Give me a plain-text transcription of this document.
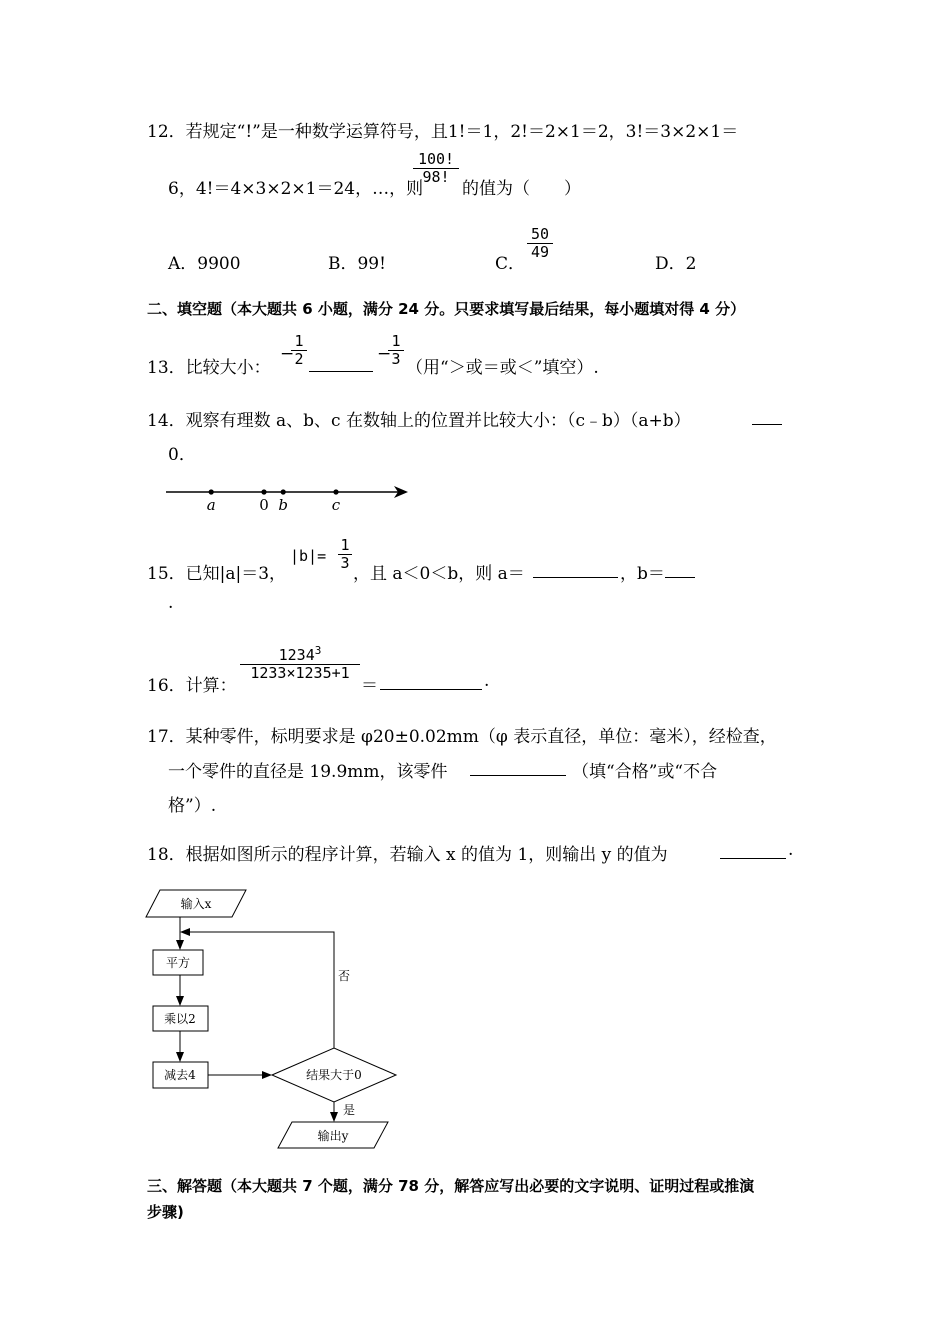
12．若规定“!”是一种数学运算符号，且1!＝1，2!＝2×1＝2，3!＝3×2×1＝
6，4!＝4×3×2×1＝24，…，则
100!
98!
的值为（　　）
A．9900	B．99!	C．
50
49
D．2
二、填空题（本大题共 6 小题，满分 24 分。只要求填写最后结果，每小题填对得 4 分）
13．比较大小：
−
1
2	−
1
3 （用“＞或＝或＜”填空）.
14．观察有理数 a、b、c 在数轴上的位置并比较大小：（c﹣b）（a+b）
0．
a	0 b	c
15．已知|a|＝3，
|b|=
1
3
，且 a＜0＜b，则 a＝	，b＝
.
16．计算：
1234$^3$
1233×1235+1
＝	.
17．某种零件，标明要求是 φ20±0.02mm（φ 表示直径，单位：毫米），经检查，
一个零件的直径是 19.9mm，该零件	（填“合格”或“不合
格”）.
18．根据如图所示的程序计算，若输入 x 的值为 1，则输出 y 的值为	.
输入x
平方
乘以2
减去4	结果大于0
否
是
输出y
三、解答题（本大题共 7 个题，满分 78 分，解答应写出必要的文字说明、证明过程或推演
步骤)
